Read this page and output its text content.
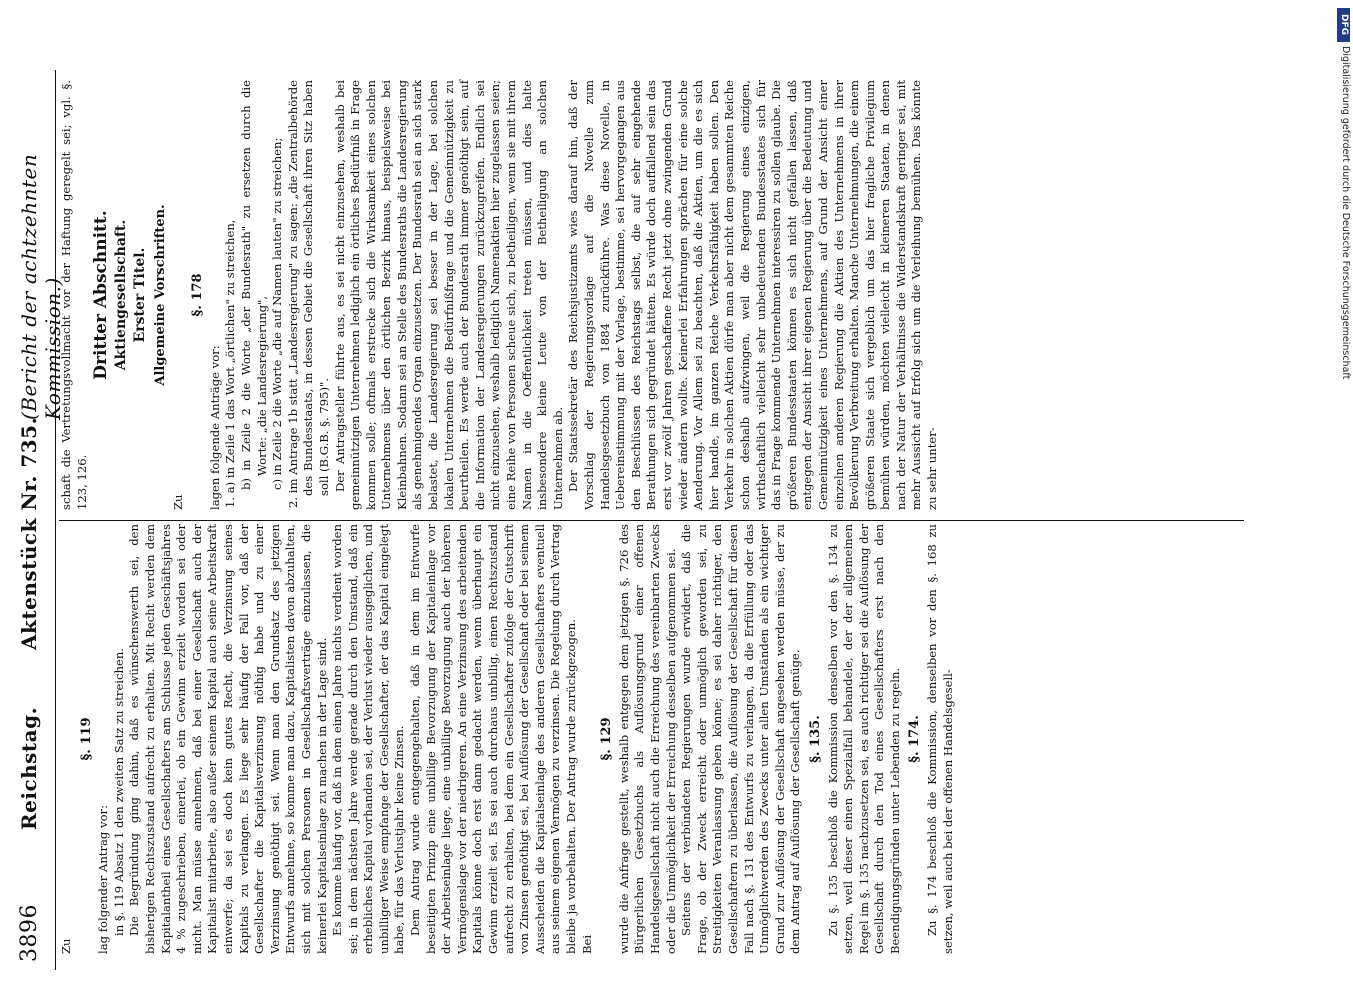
3896
Reichstag.
Aktenstück Nr. 735.
(Bericht der achtzehnten Kommission.)

Zu

§. 119

lag folgender Antrag vor: in §. 119 Absatz 1 den zweiten Satz zu streichen. Die Begründung ging dahin, daß es wünschenswerth sei, den bisherigen Rechtszustand aufrecht zu erhalten. Mit Recht werden dem Kapitalantheil eines Gesellschafters am Schlusse jeden Geschäftsjahres 4 % zugeschrieben, einerlei, ob ein Gewinn erzielt worden sei oder nicht. Man müsse annehmen, daß bei einer Gesellschaft auch der Kapitalist mitarbeite, also außer seinem Kapital auch seine Arbeitskraft einwerfe; da sei es doch kein gutes Recht, die Verzinsung seines Kapitals zu verlangen. Es liege sehr häufig der Fall vor, daß der Gesellschafter die Kapitalsverzinsung nöthig habe und zu einer Verzinsung genöthigt sei. Wenn man den Grundsatz des jetzigen Entwurfs annehme, so komme man dazu, Kapitalisten davon abzuhalten, sich mit solchen Personen in Gesellschaftsverträge einzulassen, die keinerlei Kapitalseinlage zu machen in der Lage sind. Es komme häufig vor, daß in dem einen Jahre nichts verdient worden sei; in dem nächsten Jahre werde gerade durch den Umstand, daß ein erhebliches Kapital vorhanden sei, der Verlust wieder ausgeglichen, und unbilliger Weise empfange der Gesellschafter, der das Kapital eingelegt habe, für das Verlustjahr keine Zinsen. Dem Antrag wurde entgegengehalten, daß in dem im Entwurfe beseitigten Prinzip eine unbillige Bevorzugung der Kapitaleinlage vor der Arbeitseinlage liege, eine unbillige Bevorzugung auch der höheren Vermögenslage vor der niedrigeren. An eine Verzinsung des arbeitenden Kapitals könne doch erst dann gedacht werden, wenn überhaupt ein Gewinn erzielt sei. Es sei auch durchaus unbillig, einen Rechtszustand aufrecht zu erhalten, bei dem ein Gesellschafter zufolge der Gutschrift von Zinsen genöthigt sei, bei Auflösung der Gesellschaft oder bei seinem Ausscheiden die Kapitalseinlage des anderen Gesellschafters eventuell aus seinem eigenen Vermögen zu verzinsen. Die Regelung durch Vertrag bleibe ja vorbehalten. Der Antrag wurde zurückgezogen. Bei

§. 129 wurde die Anfrage gestellt, weshalb entgegen dem jetzigen §. 726 des Bürgerlichen Gesetzbuchs als Auflösungsgrund einer offenen Handelsgesellschaft nicht auch die Erreichung des vereinbarten Zwecks oder die Unmöglichkeit der Erreichung desselben aufgenommen sei. Seitens der verbündeten Regierungen wurde erwidert, daß die Frage, ob der Zweck erreicht oder unmöglich geworden sei, zu Streitigkeiten Veranlassung geben könne; es sei daher richtiger, den Gesellschaftern zu überlassen, die Auflösung der Gesellschaft für diesen Fall nach §. 131 des Entwurfs zu verlangen, da die Erfüllung oder das Unmöglichwerden des Zwecks unter allen Umständen als ein wichtiger Grund zur Auflösung der Gesellschaft angesehen werden müsse, der zu dem Antrag auf Auflösung der Gesellschaft genüge. §. 135. Zu §. 135 beschloß die Kommission denselben vor den §. 134 zu setzen, weil dieser einen Spezialfall behandele, der der allgemeinen Regel im §. 135 nachzusetzen sei, es auch richtiger sei die Auflösung der Gesellschaft durch den Tod eines Gesellschafters erst nach den Beendigungsgründen unter Lebenden zu regeln. §. 174. Zu §. 174 beschloß die Kommission, denselben vor den §. 168 zu setzen, weil auch bei der offenen Handelsgesell-

schaft die Vertretungsvollmacht vor der Haftung geregelt sei; vgl. §. 123, 126.

Dritter Abschnitt. Aktiengesellschaft. Erster Titel. Allgemeine Vorschriften.

Zu

§. 178

lagen folgende Anträge vor: 1. a) in Zeile 1 das Wort „örtlichen" zu streichen, b) in Zeile 2 die Worte „der Bundesrath" zu ersetzen durch die Worte: „die Landesregierung", c) in Zeile 2 die Worte „die auf Namen lauten" zu streichen; 2. im Antrage 1b statt „Landesregierung" zu sagen: „die Zentralbehörde des Bundesstaats, in dessen Gebiet die Gesellschaft ihren Sitz haben soll (B.G.B. §. 795)". Der Antragsteller führte aus, es sei nicht einzusehen, weshalb bei gemeinnützigen Unternehmen lediglich ein örtliches Bedürfniß in Frage kommen solle; oftmals erstrecke sich die Wirksamkeit eines solchen Unternehmens über den örtlichen Bezirk hinaus, beispielsweise bei Kleinbahnen. Sodann sei an Stelle des Bundesraths die Landesregierung als genehmigendes Organ einzusetzen. Der Bundesrath sei an sich stark belastet, die Landesregierung sei besser in der Lage, bei solchen lokalen Unternehmen die Bedürfnißfrage und die Gemeinnützigkeit zu beurtheilen. Es werde auch der Bundesrath immer genöthigt sein, auf die Information der Landesregierungen zurückzugreifen. Endlich sei nicht einzusehen, weshalb lediglich Namenaktien hier zugelassen seien; eine Reihe von Personen scheue sich, zu betheiligen, wenn sie mit ihrem Namen in die Oeffentlichkeit treten müssen, und dies halte insbesondere kleine Leute von der Betheiligung an solchen Unternehmen ab. Der Staatssekretär des Reichsjustizamts wies darauf hin, daß der Vorschlag der Regierungsvorlage auf die Novelle zum Handelsgesetzbuch von 1884 zurückführe. Was diese Novelle, in Uebereinstimmung mit der Vorlage, bestimme, sei hervorgegangen aus den Beschlüssen des Reichstags selbst, die auf sehr eingehende Berathungen sich gegründet hätten. Es würde doch auffallend sein das erst vor zwölf Jahren geschaffene Recht jetzt ohne zwingenden Grund wieder ändern wollte. Keinerlei Erfahrungen sprächen für eine solche Aenderung. Vor Allem sei zu beachten, daß die Aktien, um die es sich hier handle, im ganzen Reiche Verkehrsfähigkeit haben sollen. Den Verkehr in solchen Aktien dürfe man aber nicht dem gesammten Reiche schon deshalb aufzwingen, weil die Regierung eines einzigen, wirthschaftlich vielleicht sehr unbedeutenden Bundesstaates sich für das in Frage kommende Unternehmen interessiren zu sollen glaube. Die größeren Bundesstaaten können es sich nicht gefallen lassen, daß entgegen der Ansicht ihrer eigenen Regierung über die Bedeutung und Gemeinnützigkeit eines Unternehmens, auf Grund der Ansicht einer einzelnen anderen Regierung die Aktien des Unternehmens in ihrer Bevölkerung Verbreitung erhalten. Manche Unternehmungen, die einem größeren Staate sich vergeblich um das hier fragliche Privilegium bemühen würden, möchten vielleicht in kleineren Staaten, in denen nach der Natur der Verhältnisse die Widerstandskraft geringer sei, mit mehr Aussicht auf Erfolg sich um die Verleihung bemühen. Das könnte zu sehr unter-

DFG
Digitalisierung gefördert durch die Deutsche Forschungsgemeinschaft
